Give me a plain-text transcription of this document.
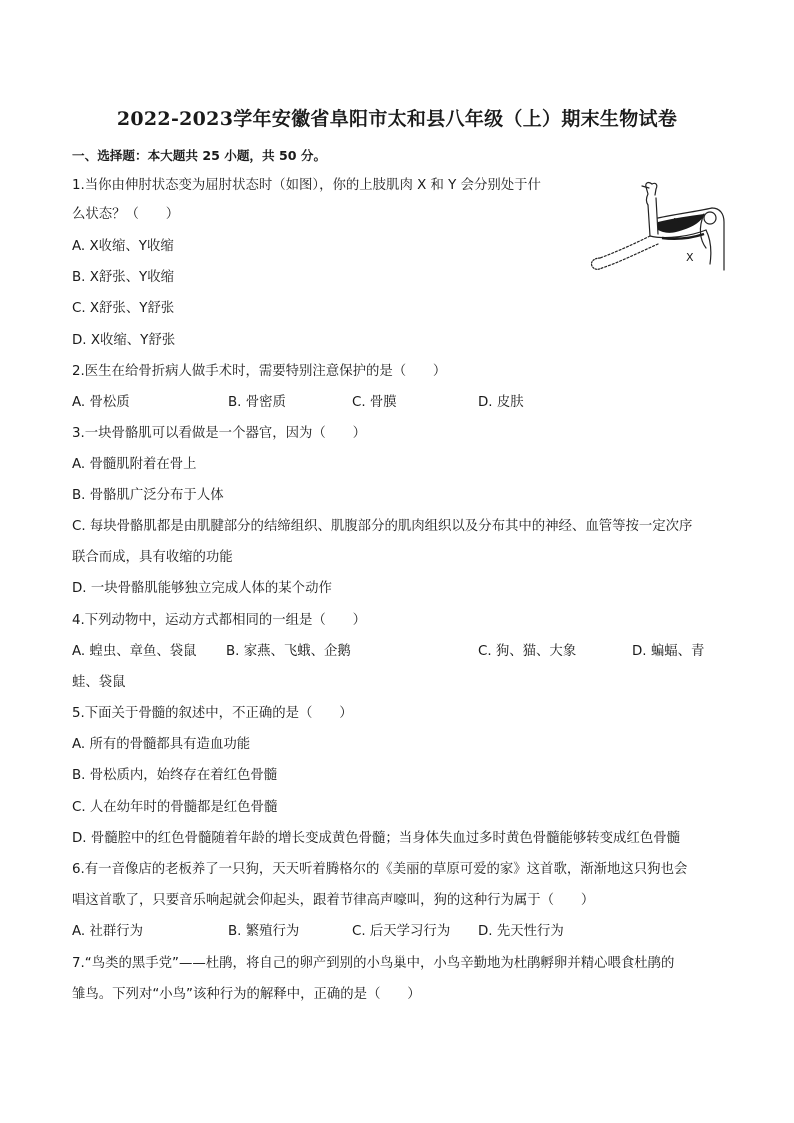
2022-2023学年安徽省阜阳市太和县八年级（上）期末生物试卷
一、选择题：本大题共 25 小题，共 50 分。
1.当你由伸肘状态变为屈肘状态时（如图），你的上肢肌肉 X 和 Y 会分别处于什
么状态？（　　）
A. X收缩、Y收缩
B. X舒张、Y收缩
C. X舒张、Y舒张
D. X收缩、Y舒张
Y
X
2.医生在给骨折病人做手术时，需要特别注意保护的是（　　）
A. 骨松质	B. 骨密质	C. 骨膜	D. 皮肤
3.一块骨骼肌可以看做是一个器官，因为（　　）
A. 骨髓肌附着在骨上
B. 骨骼肌广泛分布于人体
C. 每块骨骼肌都是由肌腱部分的结缔组织、肌腹部分的肌肉组织以及分布其中的神经、血管等按一定次序
联合而成，具有收缩的功能
D. 一块骨骼肌能够独立完成人体的某个动作
4.下列动物中，运动方式都相同的一组是（　　）
A. 蝗虫、章鱼、袋鼠 B. 家燕、飞蛾、企鹅	C. 狗、猫、大象	D. 蝙蝠、青
蛙、袋鼠
5.下面关于骨髓的叙述中，不正确的是（　　）
A. 所有的骨髓都具有造血功能
B. 骨松质内，始终存在着红色骨髓
C. 人在幼年时的骨髓都是红色骨髓
D. 骨髓腔中的红色骨髓随着年龄的增长变成黄色骨髓；当身体失血过多时黄色骨髓能够转变成红色骨髓
6.有一音像店的老板养了一只狗，天天听着腾格尔的《美丽的草原可爱的家》这首歌，渐渐地这只狗也会
唱这首歌了，只要音乐响起就会仰起头，跟着节律高声嚎叫，狗的这种行为属于（　　）
A. 社群行为	B. 繁殖行为	C. 后天学习行为 D. 先天性行为
7.“鸟类的黑手党”——杜鹃，将自己的卵产到别的小鸟巢中，小鸟辛勤地为杜鹃孵卵并精心喂食杜鹃的
雏鸟。下列对“小鸟”该种行为的解释中，正确的是（　　）
